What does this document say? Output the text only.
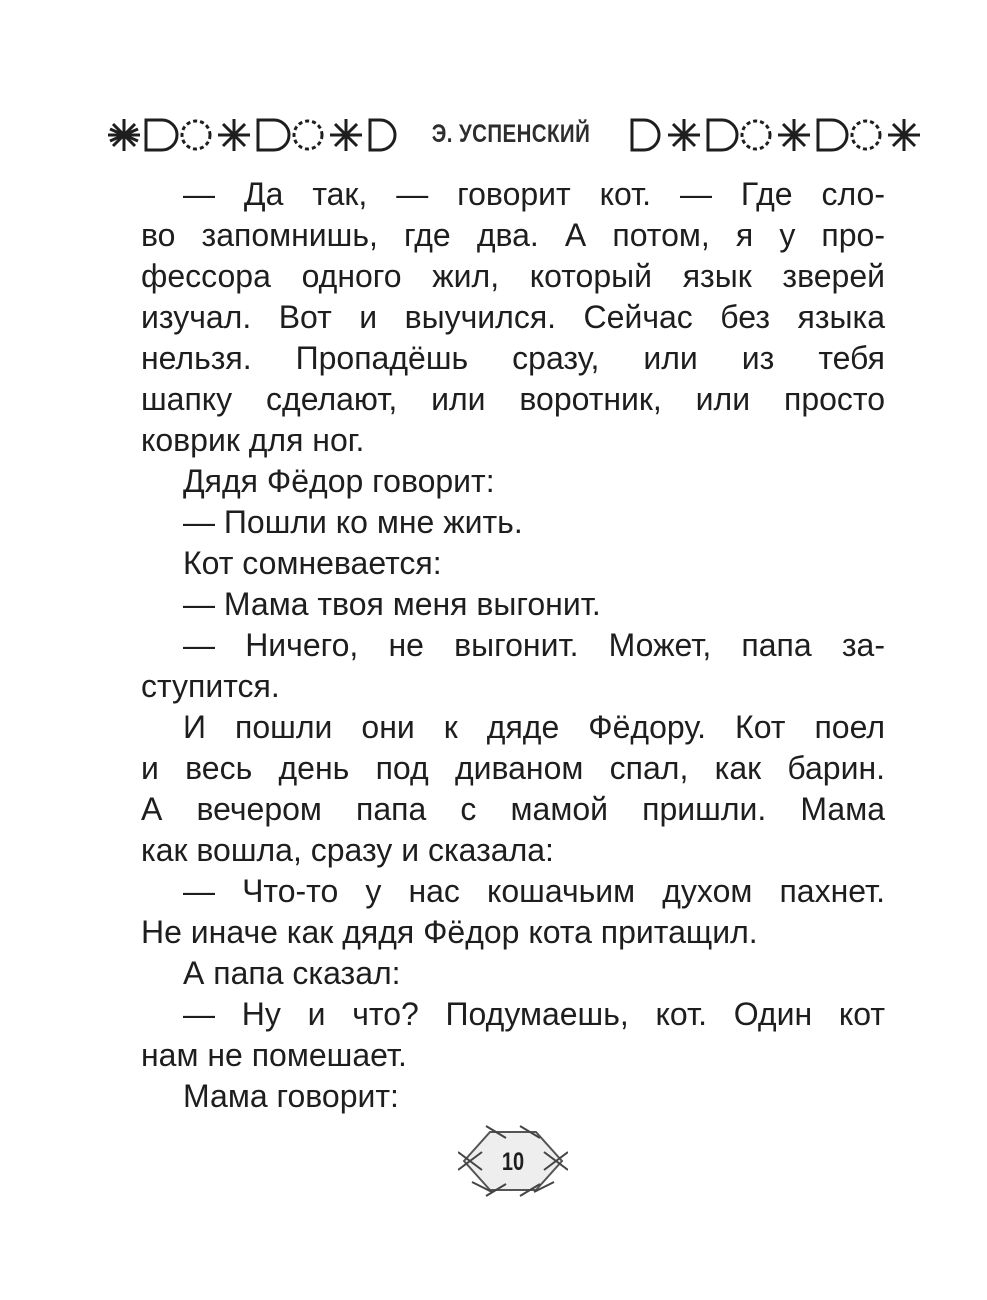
Э. УСПЕНСКИЙ
— Да так, — говорит кот. — Где сло-
во запомнишь, где два. А потом, я у про-
фессора одного жил, который язык зверей
изучал. Вот и выучился. Сейчас без языка
нельзя. Пропадёшь сразу, или из тебя
шапку сделают, или воротник, или просто
коврик для ног.
Дядя Фёдор говорит:
— Пошли ко мне жить.
Кот сомневается:
— Мама твоя меня выгонит.
— Ничего, не выгонит. Может, папа за-
ступится.
И пошли они к дяде Фёдору. Кот поел
и весь день под диваном спал, как барин.
А вечером папа с мамой пришли. Мама
как вошла, сразу и сказала:
— Что-то у нас кошачьим духом пахнет.
Не иначе как дядя Фёдор кота притащил.
А папа сказал:
— Ну и что? Подумаешь, кот. Один кот
нам не помешает.
Мама говорит:
10
